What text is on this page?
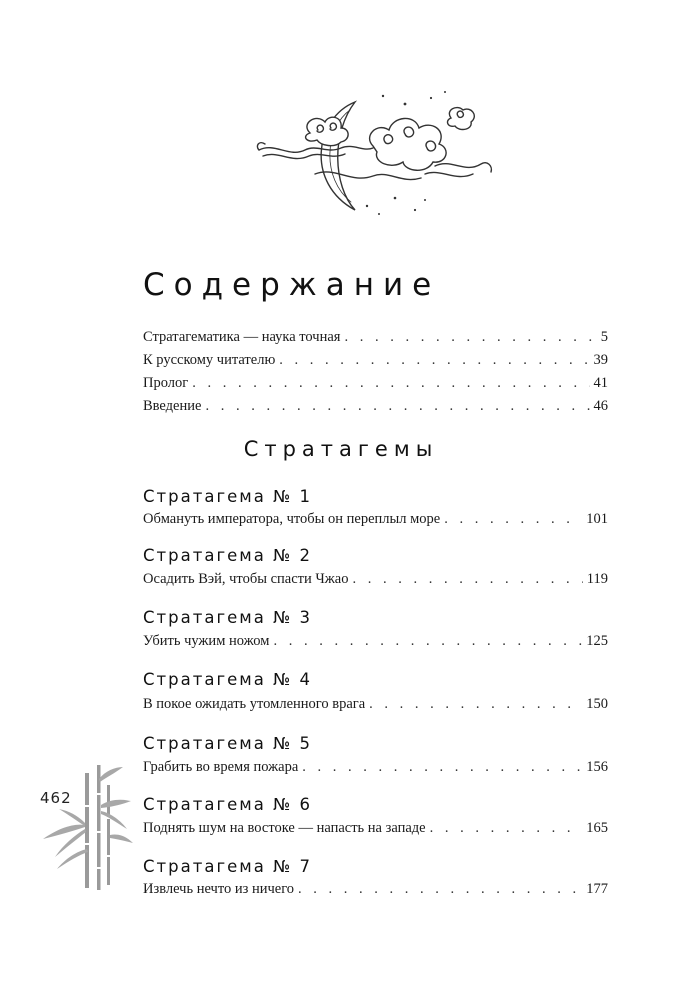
Содержание
Стратагематика — наука точная . . .	5
К русскому читателю . . .	39
Пролог . . .	41
Введение . . .	46
Стратагемы
Стратагема № 1
Обмануть императора, чтобы он переплыл море . . .	101
Стратагема № 2
Осадить Вэй, чтобы спасти Чжао . . .	119
Стратагема № 3
Убить чужим ножом . . .	125
Стратагема № 4
В покое ожидать утомленного врага . . .	150
Стратагема № 5
Грабить во время пожара . . .	156
Стратагема № 6
Поднять шум на востоке — напасть на западе . . .	165
Стратагема № 7
Извлечь нечто из ничего . . .	177
462
